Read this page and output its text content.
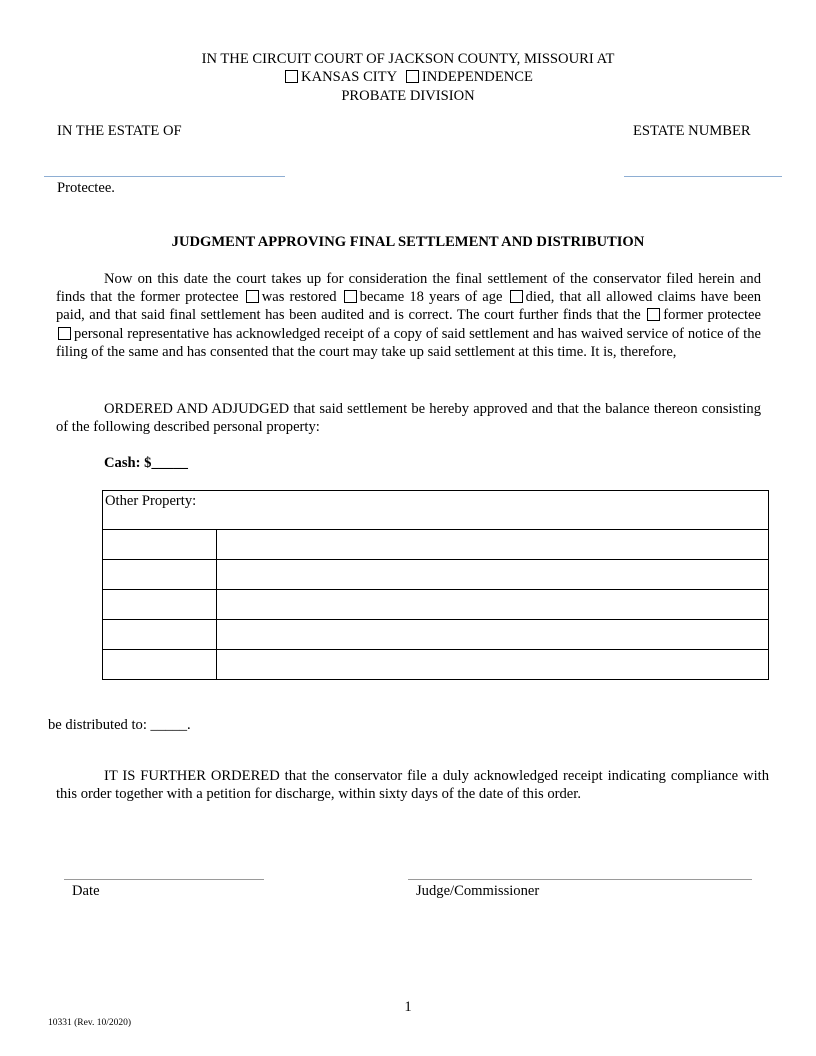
IN THE CIRCUIT COURT OF JACKSON COUNTY, MISSOURI AT
KANSAS CITY INDEPENDENCE
PROBATE DIVISION
IN THE ESTATE OF	ESTATE NUMBER
Protectee.
JUDGMENT APPROVING FINAL SETTLEMENT AND DISTRIBUTION
Now on this date the court takes up for consideration the final settlement of the conservator filed herein and finds that the former protectee was restored became 18 years of age died, that all allowed claims have been paid, and that said final settlement has been audited and is correct. The court further finds that the former protectee personal representative has acknowledged receipt of a copy of said settlement and has waived service of notice of the filing of the same and has consented that the court may take up said settlement at this time. It is, therefore,
ORDERED AND ADJUDGED that said settlement be hereby approved and that the balance thereon consisting of the following described personal property:
Cash: $_____
Other Property:	

be distributed to: _____.
IT IS FURTHER ORDERED that the conservator file a duly acknowledged receipt indicating compliance with this order together with a petition for discharge, within sixty days of the date of this order.
Date	Judge/Commissioner
1
10331 (Rev. 10/2020)
